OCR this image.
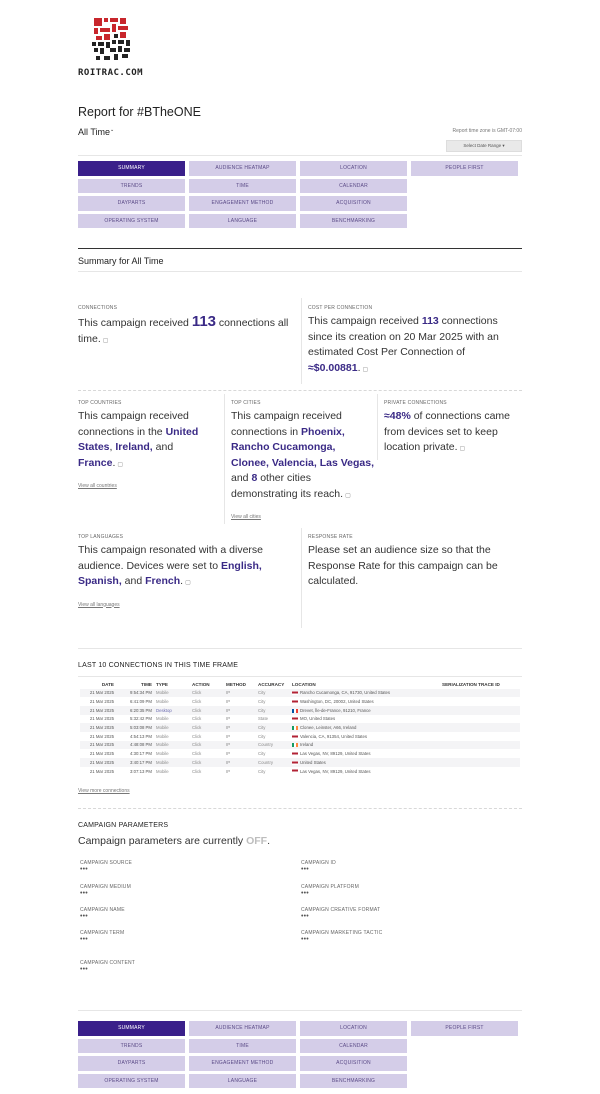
ROITRAC.COM
Report for #BTheONE
All Time⌄	Report time zone is GMT-07:00
Select Date Range ▾
SUMMARY	AUDIENCE HEATMAP	LOCATION	PEOPLE FIRST
TRENDS	TIME	CALENDAR
DAYPARTS	ENGAGEMENT METHOD	ACQUISITION
OPERATING SYSTEM	LANGUAGE	BENCHMARKING
Summary for All Time
CONNECTIONS
This campaign received 113 connections all time. ▢
COST PER CONNECTION
This campaign received 113 connections since its creation on 20 Mar 2025 with an estimated Cost Per Connection of ≈$0.00881. ▢
TOP COUNTRIES
This campaign received connections in the United States, Ireland, and France. ▢
View all countries
TOP CITIES
This campaign received connections in Phoenix, Rancho Cucamonga, Clonee, Valencia, Las Vegas, and 8 other cities demonstrating its reach. ▢
View all cities
PRIVATE CONNECTIONS
≈48% of connections came from devices set to keep location private. ▢
TOP LANGUAGES
This campaign resonated with a diverse audience. Devices were set to English, Spanish, and French. ▢
View all languages
RESPONSE RATE
Please set an audience size so that the Response Rate for this campaign can be calculated.
LAST 10 CONNECTIONS IN THIS TIME FRAME
DATE	TIME	TYPE	ACTION	METHOD	ACCURACY	LOCATION	SERIALIZATION TRACE ID
21 Mar 2025	9:54:34 PM	Mobile	Click	IP	City	Rancho Cucamonga, CA, 91730, United States	
21 Mar 2025	6:41:09 PM	Mobile	Click	IP	City	Washington, DC, 20002, United States	
21 Mar 2025	6:20:35 PM	Desktop	Click	IP	City	Drevet, Île-de-France, 91210, France	
21 Mar 2025	5:32:42 PM	Mobile	Click	IP	State	MO, United States	
21 Mar 2025	5:03:08 PM	Mobile	Click	IP	City	Clonee, Leinster, A66, Ireland	
21 Mar 2025	4:54:13 PM	Mobile	Click	IP	City	Valencia, CA, 91354, United States	
21 Mar 2025	4:48:08 PM	Mobile	Click	IP	Country	Ireland	
21 Mar 2025	4:30:17 PM	Mobile	Click	IP	City	Las Vegas, NV, 89129, United States	
21 Mar 2025	3:40:17 PM	Mobile	Click	IP	Country	United States	
21 Mar 2025	3:07:13 PM	Mobile	Click	IP	City	Las Vegas, NV, 89129, United States	
View more connections
CAMPAIGN PARAMETERS
Campaign parameters are currently OFF.
CAMPAIGN SOURCE
•••
CAMPAIGN MEDIUM
•••
CAMPAIGN NAME
•••
CAMPAIGN TERM
•••
CAMPAIGN CONTENT
•••
CAMPAIGN ID
•••
CAMPAIGN PLATFORM
•••
CAMPAIGN CREATIVE FORMAT
•••
CAMPAIGN MARKETING TACTIC
•••
SUMMARY	AUDIENCE HEATMAP	LOCATION	PEOPLE FIRST
TRENDS	TIME	CALENDAR
DAYPARTS	ENGAGEMENT METHOD	ACQUISITION
OPERATING SYSTEM	LANGUAGE	BENCHMARKING
